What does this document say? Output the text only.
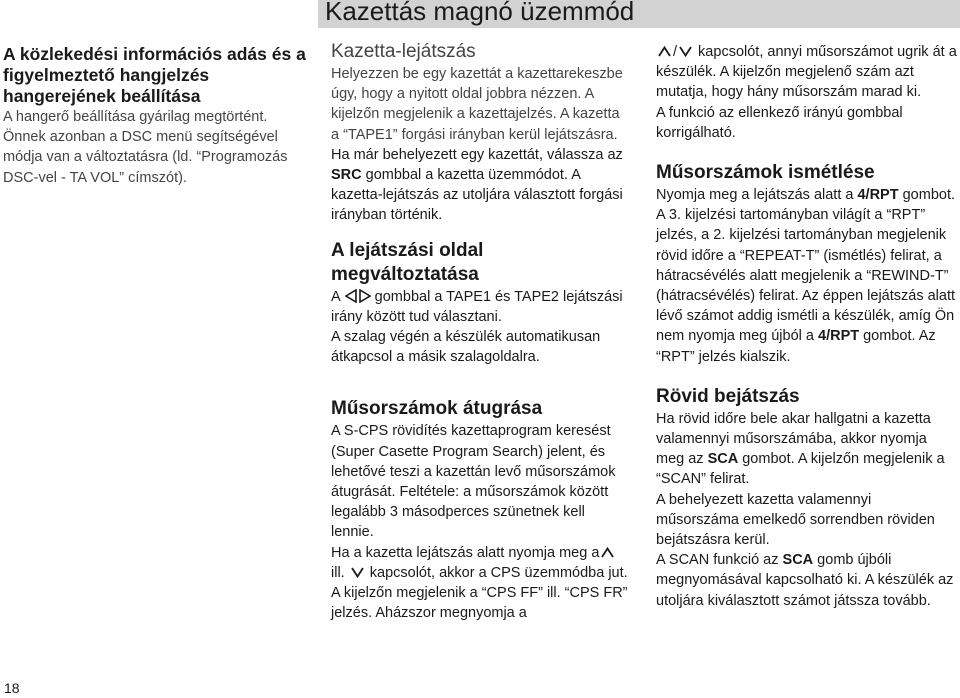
Kazettás magnó üzemmód

A közlekedési információs adás és a figyelmeztető hangjelzés hangerejének beállítása

A hangerő beállítása gyárilag megtörtént. Önnek azonban a DSC menü segítségével módja van a változtatásra (ld. “Programozás DSC-vel - TA VOL” címszót).

Kazetta-lejátszás

Helyezzen be egy kazettát a kazettarekeszbe úgy, hogy a nyitott oldal jobbra nézzen. A kijelzőn megjelenik a kazettajelzés. A kazetta a “TAPE1” forgási irányban kerül lejátszásra.

Ha már behelyezett egy kazettát, válassza az SRC gombbal a kazetta üzemmódot. A kazetta-lejátszás az utoljára választott forgási irányban történik.

A lejátszási oldal megváltoztatása

A gombbal a TAPE1 és TAPE2 lejátszási irány között tud választani.

A szalag végén a készülék automatikusan átkapcsol a másik szalagoldalra.

Műsorszámok átugrása

A S-CPS rövidítés kazettaprogram keresést (Super Casette Program Search) jelent, és lehetővé teszi a kazettán levő műsorszámok átugrását. Feltétele: a műsorszámok között legalább 3 másodperces szünetnek kell lennie.

Ha a kazetta lejátszás alatt nyomja meg a ill. kapcsolót, akkor a CPS üzemmódba jut. A kijelzőn megjelenik a “CPS FF” ill. “CPS FR” jelzés. Aházszor megnyomja a

/ kapcsolót, annyi műsorszámot ugrik át a készülék. A kijelzőn megjelenő szám azt mutatja, hogy hány műsorszám marad ki.

A funkció az ellenkező irányú gombbal korrigálható.

Műsorszámok ismétlése

Nyomja meg a lejátszás alatt a 4/RPT gombot. A 3. kijelzési tartományban világít a “RPT” jelzés, a 2. kijelzési tartományban megjelenik rövid időre a “REPEAT-T” (ismétlés) felirat, a hátracsévélés alatt megjelenik a “REWIND-T” (hátracsévélés) felirat. Az éppen lejátszás alatt lévő számot addig ismétli a készülék, amíg Ön nem nyomja meg újból a 4/RPT gombot. Az “RPT” jelzés kialszik.

Rövid bejátszás

Ha rövid időre bele akar hallgatni a kazetta valamennyi műsorszámába, akkor nyomja meg az SCA gombot. A kijelzőn megjelenik a “SCAN” felirat.

A behelyezett kazetta valamennyi műsorszáma emelkedő sorrendben röviden bejátszásra kerül.

A SCAN funkció az SCA gomb újbóli megnyomásával kapcsolható ki. A készülék az utoljára kiválasztott számot játssza tovább.

18
